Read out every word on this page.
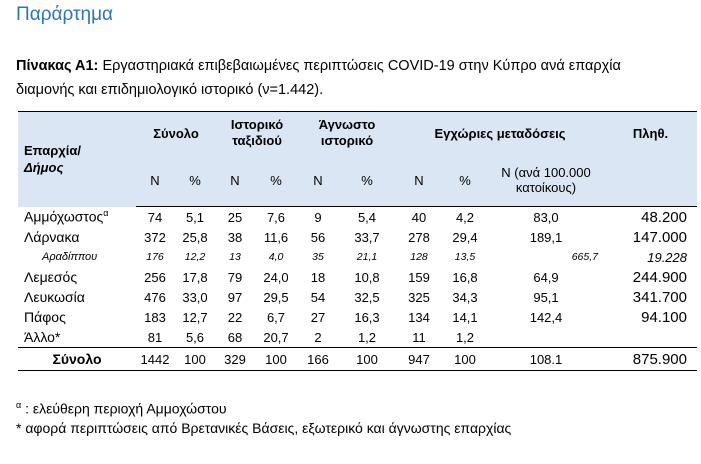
Παράρτημα
Πίνακας Α1: Εργαστηριακά επιβεβαιωμένες περιπτώσεις COVID-19 στην Κύπρο ανά επαρχία διαμονής και επιδημιολογικό ιστορικό (ν=1.442).
Επαρχία/
Δήμος	Σύνολο		Ιστορικό ταξιδιού		Άγνωστο ιστορικό		Εγχώριες μεταδόσεις			Πληθ.
	N	%	N	%	N	%	N	%	N (ανά 100.000 κατοίκους)	
Αμμόχωστος$^\alpha$	74	5,1	25	7,6	9	5,4	40	4,2	83,0	48.200
Λάρνακα	372	25,8	38	11,6	56	33,7	278	29,4	189,1	147.000
Αραδίππου	176	12,2	13	4,0	35	21,1	128	13,5	665,7	19.228
Λεμεσός	256	17,8	79	24,0	18	10,8	159	16,8	64,9	244.900
Λευκωσία	476	33,0	97	29,5	54	32,5	325	34,3	95,1	341.700
Πάφος	183	12,7	22	6,7	27	16,3	134	14,1	142,4	94.100
Άλλο*	81	5,6	68	20,7	2	1,2	11	1,2		
Σύνολο	1442	100	329	100	166	100	947	100	108.1	875.900
$^\alpha$ : ελεύθερη περιοχή Αμμοχώστου
* αφορά περιπτώσεις από Βρετανικές Βάσεις, εξωτερικό και άγνωστης επαρχίας
